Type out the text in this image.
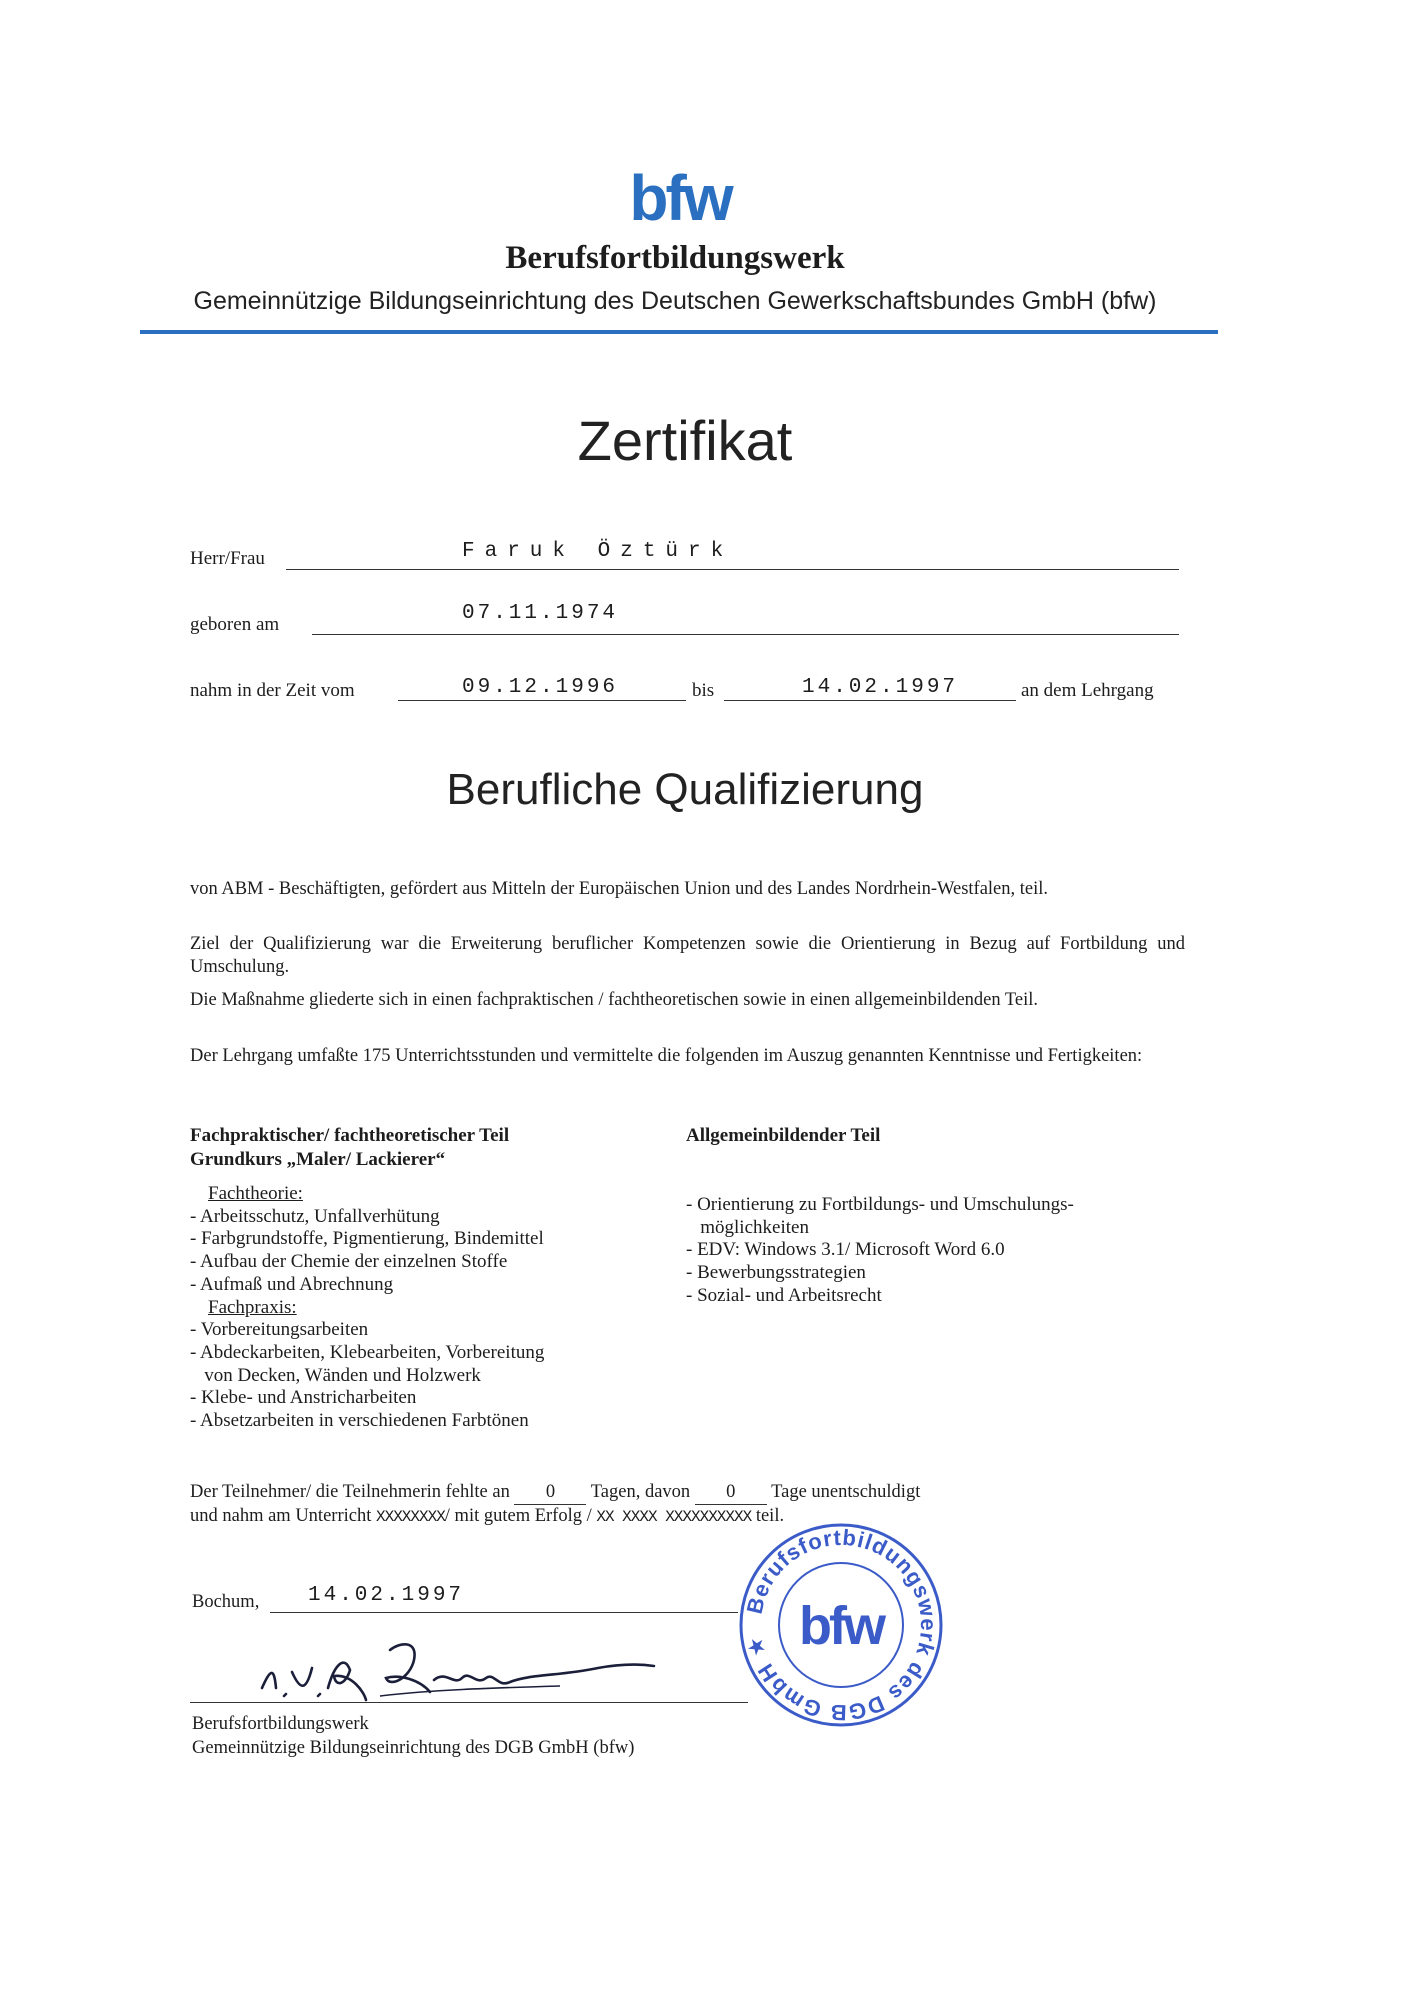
bfw
Berufsfortbildungswerk
Gemeinnützige Bildungseinrichtung des Deutschen Gewerkschaftsbundes GmbH (bfw)
Zertifikat
Herr/Frau	Faruk Öztürk
geboren am	07.11.1974
nahm in der Zeit vom	09.12.1996	bis	14.02.1997	an dem Lehrgang
Berufliche Qualifizierung
von ABM - Beschäftigten, gefördert aus Mitteln der Europäischen Union und des Landes Nordrhein-Westfalen, teil.
Ziel der Qualifizierung war die Erweiterung beruflicher Kompetenzen sowie die Orientierung in Bezug auf Fortbildung und Umschulung.
Die Maßnahme gliederte sich in einen fachpraktischen / fachtheoretischen sowie in einen allgemeinbildenden Teil.
Der Lehrgang umfaßte 175 Unterrichtsstunden und vermittelte die folgenden im Auszug genannten Kenntnisse und Fertigkeiten:
Fachpraktischer/ fachtheoretischer Teil
Grundkurs „Maler/ Lackierer“
Fachtheorie:
- Arbeitsschutz, Unfallverhütung
- Farbgrundstoffe, Pigmentierung, Bindemittel
- Aufbau der Chemie der einzelnen Stoffe
- Aufmaß und Abrechnung
Fachpraxis:
- Vorbereitungsarbeiten
- Abdeckarbeiten, Klebearbeiten, Vorbereitung
von Decken, Wänden und Holzwerk
- Klebe- und Anstricharbeiten
- Absetzarbeiten in verschiedenen Farbtönen
Allgemeinbildender Teil
- Orientierung zu Fortbildungs- und Umschulungs-
möglichkeiten
- EDV: Windows 3.1/ Microsoft Word 6.0
- Bewerbungsstrategien
- Sozial- und Arbeitsrecht
Der Teilnehmer/ die Teilnehmerin fehlte an 0 Tagen, davon 0 Tage unentschuldigt
und nahm am Unterricht XXXXXXXX/ mit gutem Erfolg / XX XXXX XXXXXXXXXX teil.
Bochum, 14.02.1997
Berufsfortbildungswerk
Gemeinnützige Bildungseinrichtung des DGB GmbH (bfw)
Berufsfortbildungswerk des DGB GmbH ★ bfw
